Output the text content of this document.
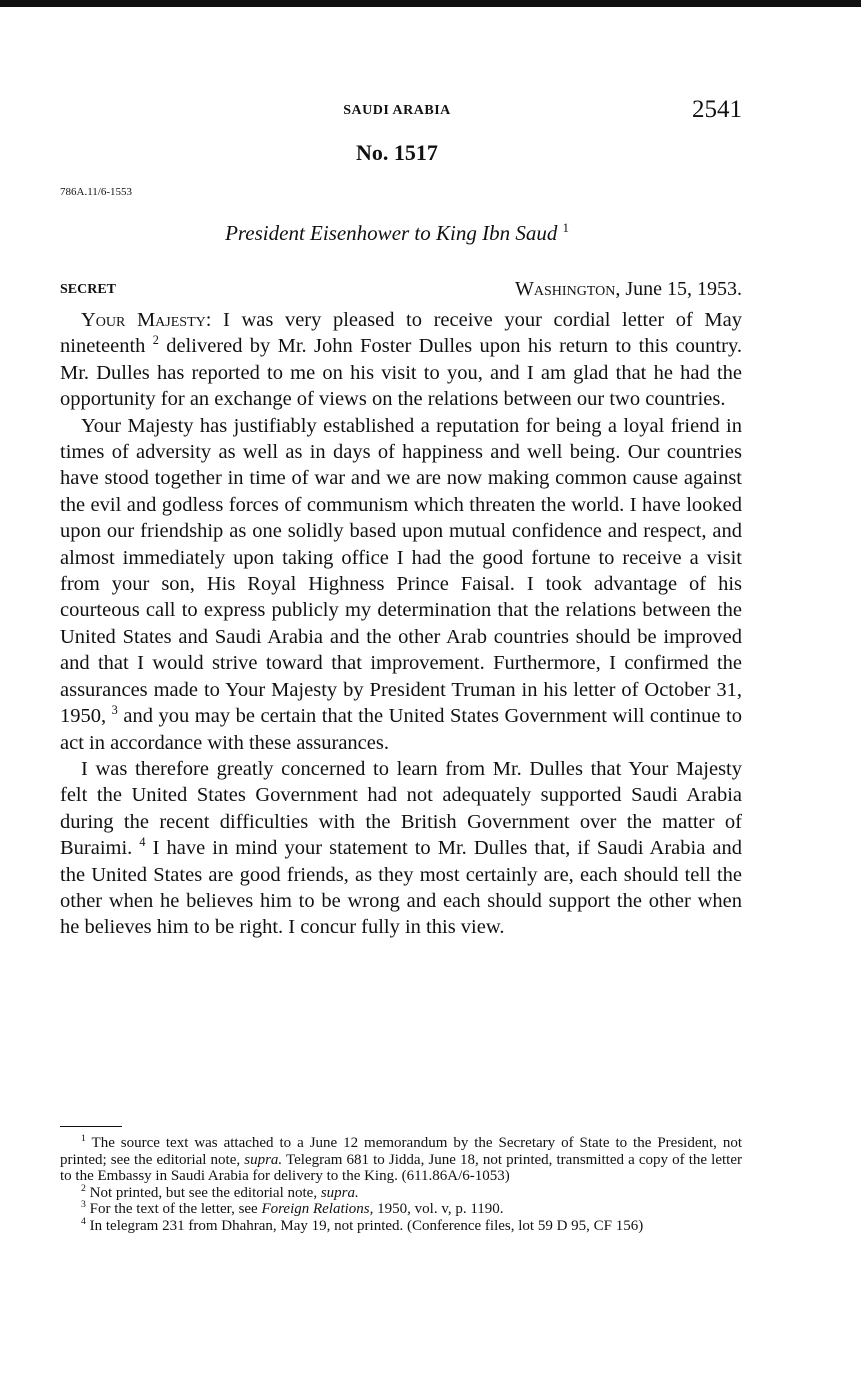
SAUDI ARABIA	2541
No. 1517
786A.11/6-1553
President Eisenhower to King Ibn Saud $^1$
SECRET	Washington, June 15, 1953.

Your Majesty: I was very pleased to receive your cordial letter of May nineteenth $^2$ delivered by Mr. John Foster Dulles upon his return to this country. Mr. Dulles has reported to me on his visit to you, and I am glad that he had the opportunity for an exchange of views on the relations between our two countries.

Your Majesty has justifiably established a reputation for being a loyal friend in times of adversity as well as in days of happiness and well being. Our countries have stood together in time of war and we are now making common cause against the evil and godless forces of communism which threaten the world. I have looked upon our friendship as one solidly based upon mutual confidence and respect, and almost immediately upon taking office I had the good fortune to receive a visit from your son, His Royal Highness Prince Faisal. I took advantage of his courteous call to express publicly my determination that the relations between the United States and Saudi Arabia and the other Arab countries should be improved and that I would strive toward that improvement. Furthermore, I confirmed the assurances made to Your Majesty by President Truman in his letter of October 31, 1950, $^3$ and you may be certain that the United States Government will continue to act in accordance with these assurances.

I was therefore greatly concerned to learn from Mr. Dulles that Your Majesty felt the United States Government had not adequately supported Saudi Arabia during the recent difficulties with the British Government over the matter of Buraimi. $^4$ I have in mind your statement to Mr. Dulles that, if Saudi Arabia and the United States are good friends, as they most certainly are, each should tell the other when he believes him to be wrong and each should support the other when he believes him to be right. I concur fully in this view.

$^1$ The source text was attached to a June 12 memorandum by the Secretary of State to the President, not printed; see the editorial note, supra. Telegram 681 to Jidda, June 18, not printed, transmitted a copy of the letter to the Embassy in Saudi Arabia for delivery to the King. (611.86A/6-1053)

$^2$ Not printed, but see the editorial note, supra.

$^3$ For the text of the letter, see Foreign Relations, 1950, vol. v, p. 1190.

$^4$ In telegram 231 from Dhahran, May 19, not printed. (Conference files, lot 59 D 95, CF 156)
